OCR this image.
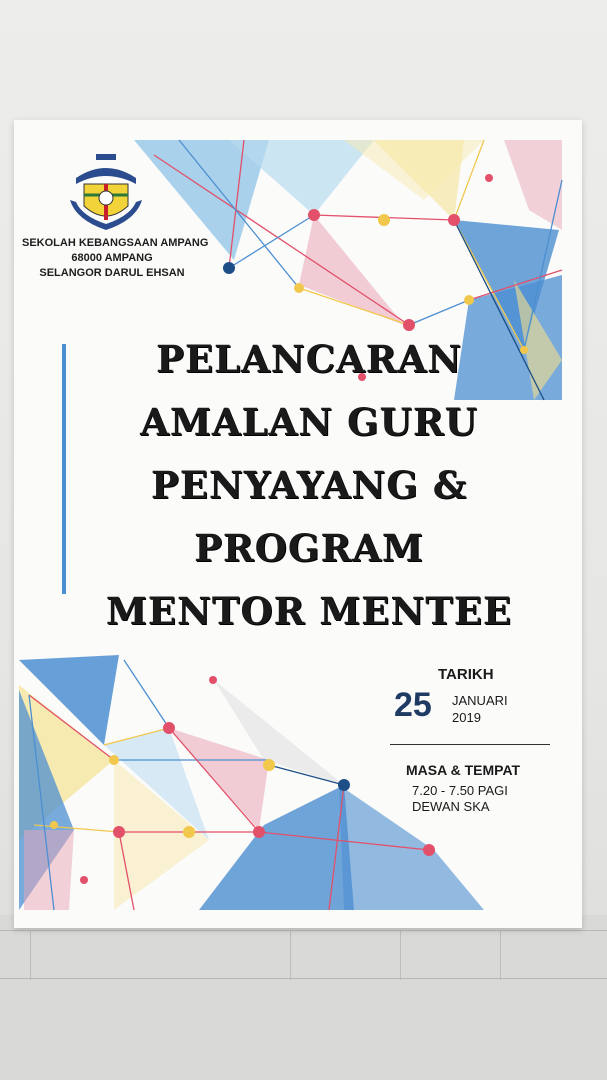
SEKOLAH KEBANGSAAN AMPANG
68000 AMPANG
SELANGOR DARUL EHSAN
PELANCARAN
AMALAN GURU
PENYAYANG &
PROGRAM
MENTOR MENTEE
TARIKH
25 JANUARI
2019
MASA & TEMPAT
7.20 - 7.50 PAGI
DEWAN SKA
